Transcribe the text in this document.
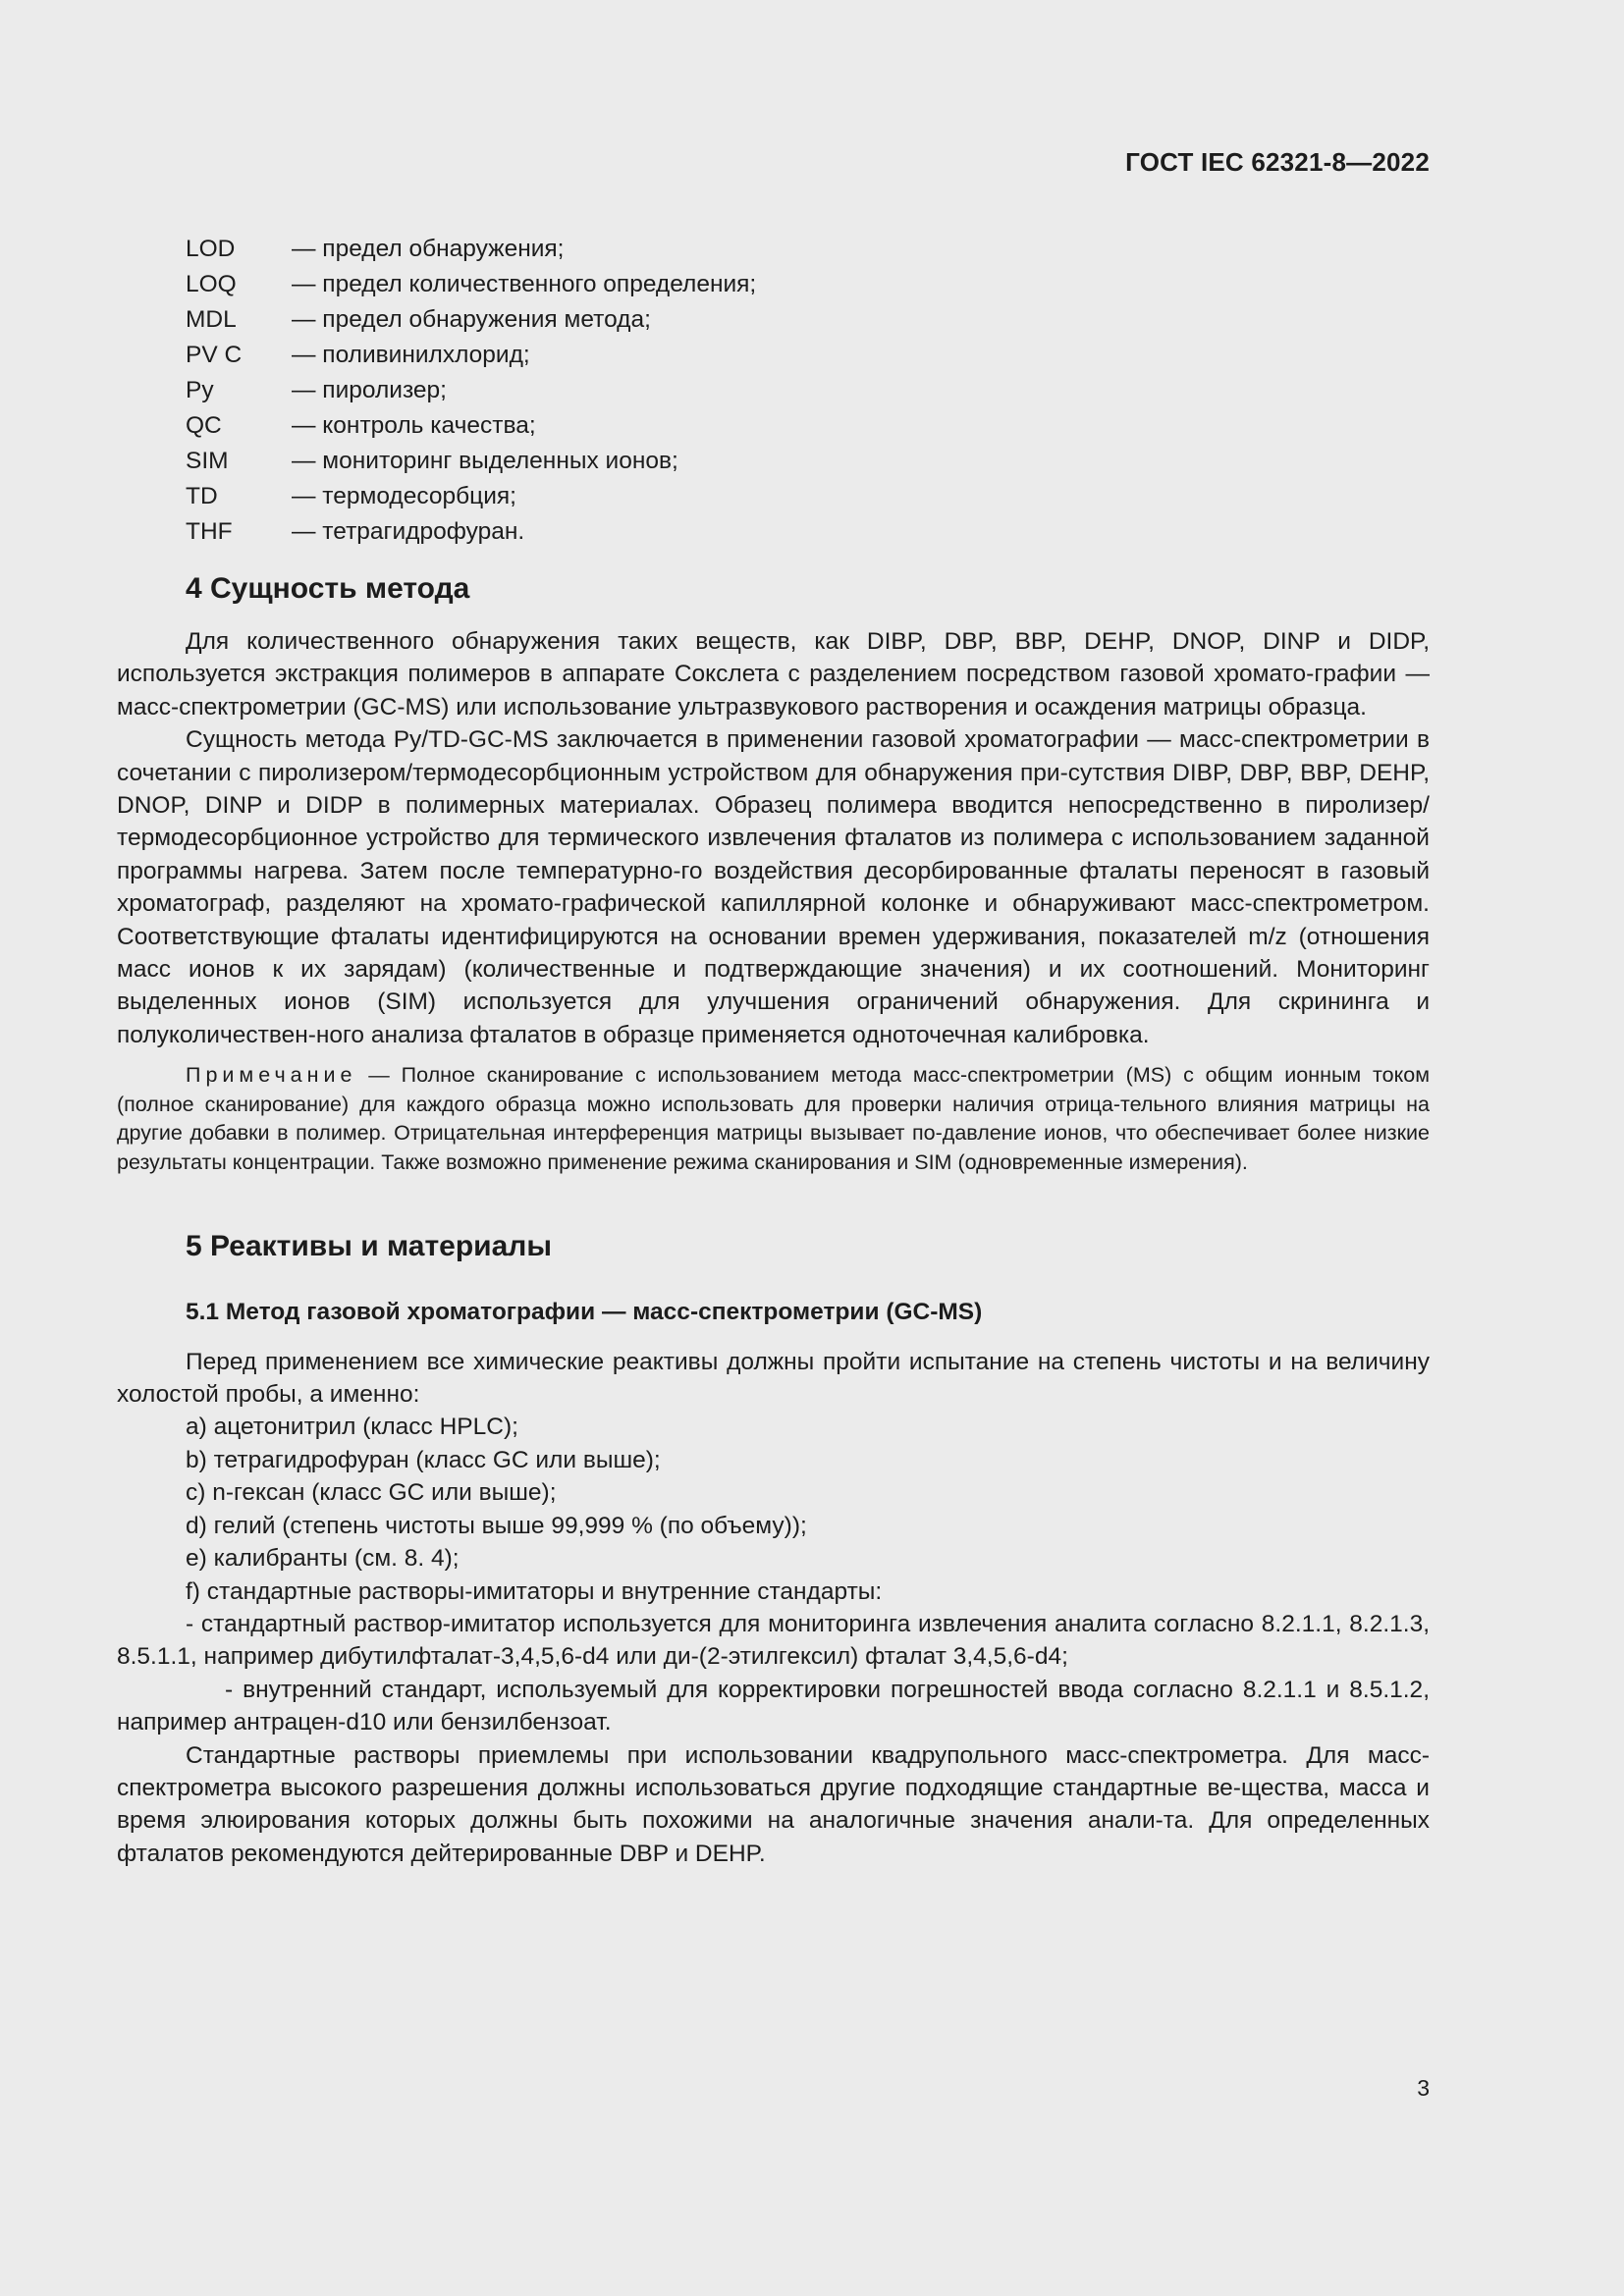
ГОСТ IEC 62321-8—2022
LOD	— предел обнаружения;
LOQ	— предел количественного определения;
MDL	— предел обнаружения метода;
PV C	— поливинилхлорид;
Py	— пиролизер;
QC	— контроль качества;
SIM	— мониторинг выделенных ионов;
TD	— термодесорбция;
THF	— тетрагидрофуран.
4 Сущность метода

Для количественного обнаружения таких веществ, как DIBP, DBP, BBP, DEHP, DNOP, DINP и DIDP, используется экстракция полимеров в аппарате Сокслета с разделением посредством газовой хромато-графии — масс-спектрометрии (GC-MS) или использование ультразвукового растворения и осаждения матрицы образца.

Сущность метода Py/TD-GC-MS заключается в применении газовой хроматографии — масс-спектрометрии в сочетании с пиролизером/термодесорбционным устройством для обнаружения при-сутствия DIBP, DBP, BBP, DEHP, DNOP, DINP и DIDP в полимерных материалах. Образец полимера вводится непосредственно в пиролизер/термодесорбционное устройство для термического извлечения фталатов из полимера с использованием заданной программы нагрева. Затем после температурно-го воздействия десорбированные фталаты переносят в газовый хроматограф, разделяют на хромато-графической капиллярной колонке и обнаруживают масс-спектрометром. Соответствующие фталаты идентифицируются на основании времен удерживания, показателей m/z (отношения масс ионов к их зарядам) (количественные и подтверждающие значения) и их соотношений. Мониторинг выделенных ионов (SIM) используется для улучшения ограничений обнаружения. Для скрининга и полуколичествен-ного анализа фталатов в образце применяется одноточечная калибровка.

Примечание — Полное сканирование с использованием метода масс-спектрометрии (MS) с общим ионным током (полное сканирование) для каждого образца можно использовать для проверки наличия отрица-тельного влияния матрицы на другие добавки в полимер. Отрицательная интерференция матрицы вызывает по-давление ионов, что обеспечивает более низкие результаты концентрации. Также возможно применение режима сканирования и SIM (одновременные измерения).

5 Реактивы и материалы
5.1 Метод газовой хроматографии — масс-спектрометрии (GC-MS)

Перед применением все химические реактивы должны пройти испытание на степень чистоты и на величину холостой пробы, а именно:

a) ацетонитрил (класс HPLC);
b) тетрагидрофуран (класс GC или выше);
c) n-гексан (класс GC или выше);
d) гелий (степень чистоты выше 99,999 % (по объему));
e) калибранты (см. 8. 4);
f) стандартные растворы-имитаторы и внутренние стандарты:

- стандартный раствор-имитатор используется для мониторинга извлечения аналита согласно 8.2.1.1, 8.2.1.3, 8.5.1.1, например дибутилфталат-3,4,5,6-d4 или ди-(2-этилгексил) фталат 3,4,5,6-d4;

- внутренний стандарт, используемый для корректировки погрешностей ввода согласно 8.2.1.1 и 8.5.1.2, например антрацен-d10 или бензилбензоат.

Стандартные растворы приемлемы при использовании квадрупольного масс-спектрометра. Для масс-спектрометра высокого разрешения должны использоваться другие подходящие стандартные ве-щества, масса и время элюирования которых должны быть похожими на аналогичные значения анали-та. Для определенных фталатов рекомендуются дейтерированные DBP и DEHP.

3
